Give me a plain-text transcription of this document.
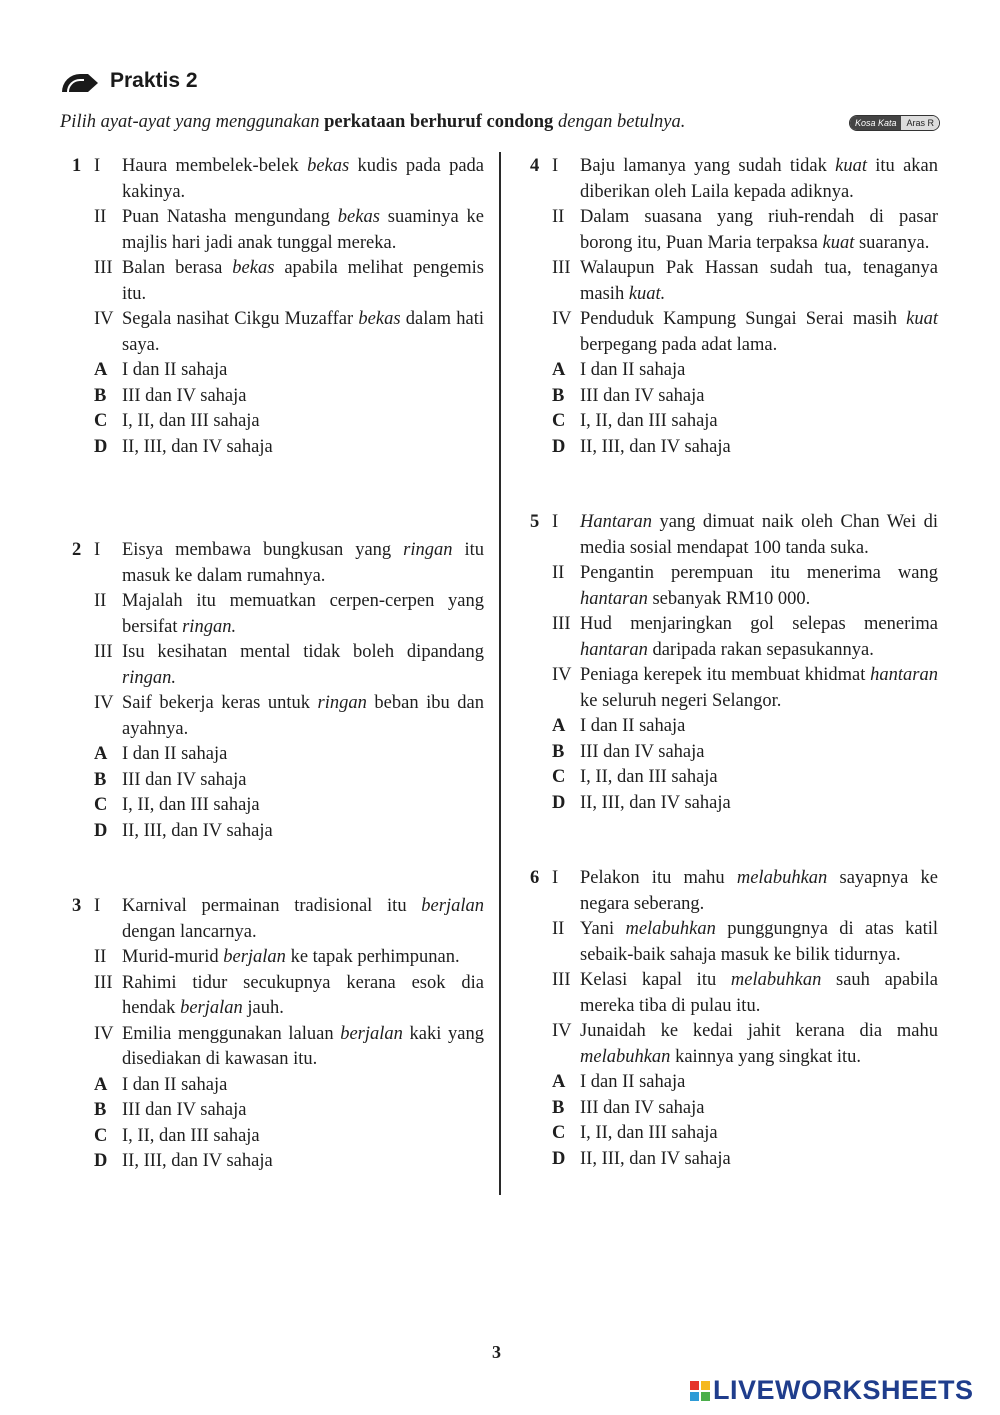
Praktis 2
Pilih ayat-ayat yang menggunakan perkataan berhuruf condong dengan betulnya.	Kosa Kata	Aras R
1 I	Haura membelek-belek bekas kudis pada pada kakinya.
II Puan Natasha mengundang bekas suaminya ke majlis hari jadi anak tunggal mereka.
III Balan berasa bekas apabila melihat pengemis itu.
IV Segala nasihat Cikgu Muzaffar bekas dalam hati saya.
A I dan II sahaja
B III dan IV sahaja
C I, II, dan III sahaja
D II, III, dan IV sahaja
2 I	Eisya membawa bungkusan yang ringan itu masuk ke dalam rumahnya.
II Majalah itu memuatkan cerpen-cerpen yang bersifat ringan.
III Isu kesihatan mental tidak boleh dipandang ringan.
IV Saif bekerja keras untuk ringan beban ibu dan ayahnya.
A I dan II sahaja
B III dan IV sahaja
C I, II, dan III sahaja
D II, III, dan IV sahaja
3 I	Karnival permainan tradisional itu berjalan dengan lancarnya.
II Murid-murid berjalan ke tapak perhimpunan.
III Rahimi tidur secukupnya kerana esok dia hendak berjalan jauh.
IV Emilia menggunakan laluan berjalan kaki yang disediakan di kawasan itu.
A I dan II sahaja
B III dan IV sahaja
C I, II, dan III sahaja
D II, III, dan IV sahaja
4 I	Baju lamanya yang sudah tidak kuat itu akan diberikan oleh Laila kepada adiknya.
II Dalam suasana yang riuh-rendah di pasar borong itu, Puan Maria terpaksa kuat suaranya.
III Walaupun Pak Hassan sudah tua, tenaganya masih kuat.
IV Penduduk Kampung Sungai Serai masih kuat berpegang pada adat lama.
A I dan II sahaja
B III dan IV sahaja
C I, II, dan III sahaja
D II, III, dan IV sahaja
5 I	Hantaran yang dimuat naik oleh Chan Wei di media sosial mendapat 100 tanda suka.
II Pengantin perempuan itu menerima wang hantaran sebanyak RM10 000.
III Hud menjaringkan gol selepas menerima hantaran daripada rakan sepasukannya.
IV Peniaga kerepek itu membuat khidmat hantaran ke seluruh negeri Selangor.
A I dan II sahaja
B III dan IV sahaja
C I, II, dan III sahaja
D II, III, dan IV sahaja
6 I	Pelakon itu mahu melabuhkan sayapnya ke negara seberang.
II Yani melabuhkan punggungnya di atas katil sebaik-baik sahaja masuk ke bilik tidurnya.
III Kelasi kapal itu melabuhkan sauh apabila mereka tiba di pulau itu.
IV Junaidah ke kedai jahit kerana dia mahu melabuhkan kainnya yang singkat itu.
A I dan II sahaja
B III dan IV sahaja
C I, II, dan III sahaja
D II, III, dan IV sahaja
3
LIVEWORKSHEETS
